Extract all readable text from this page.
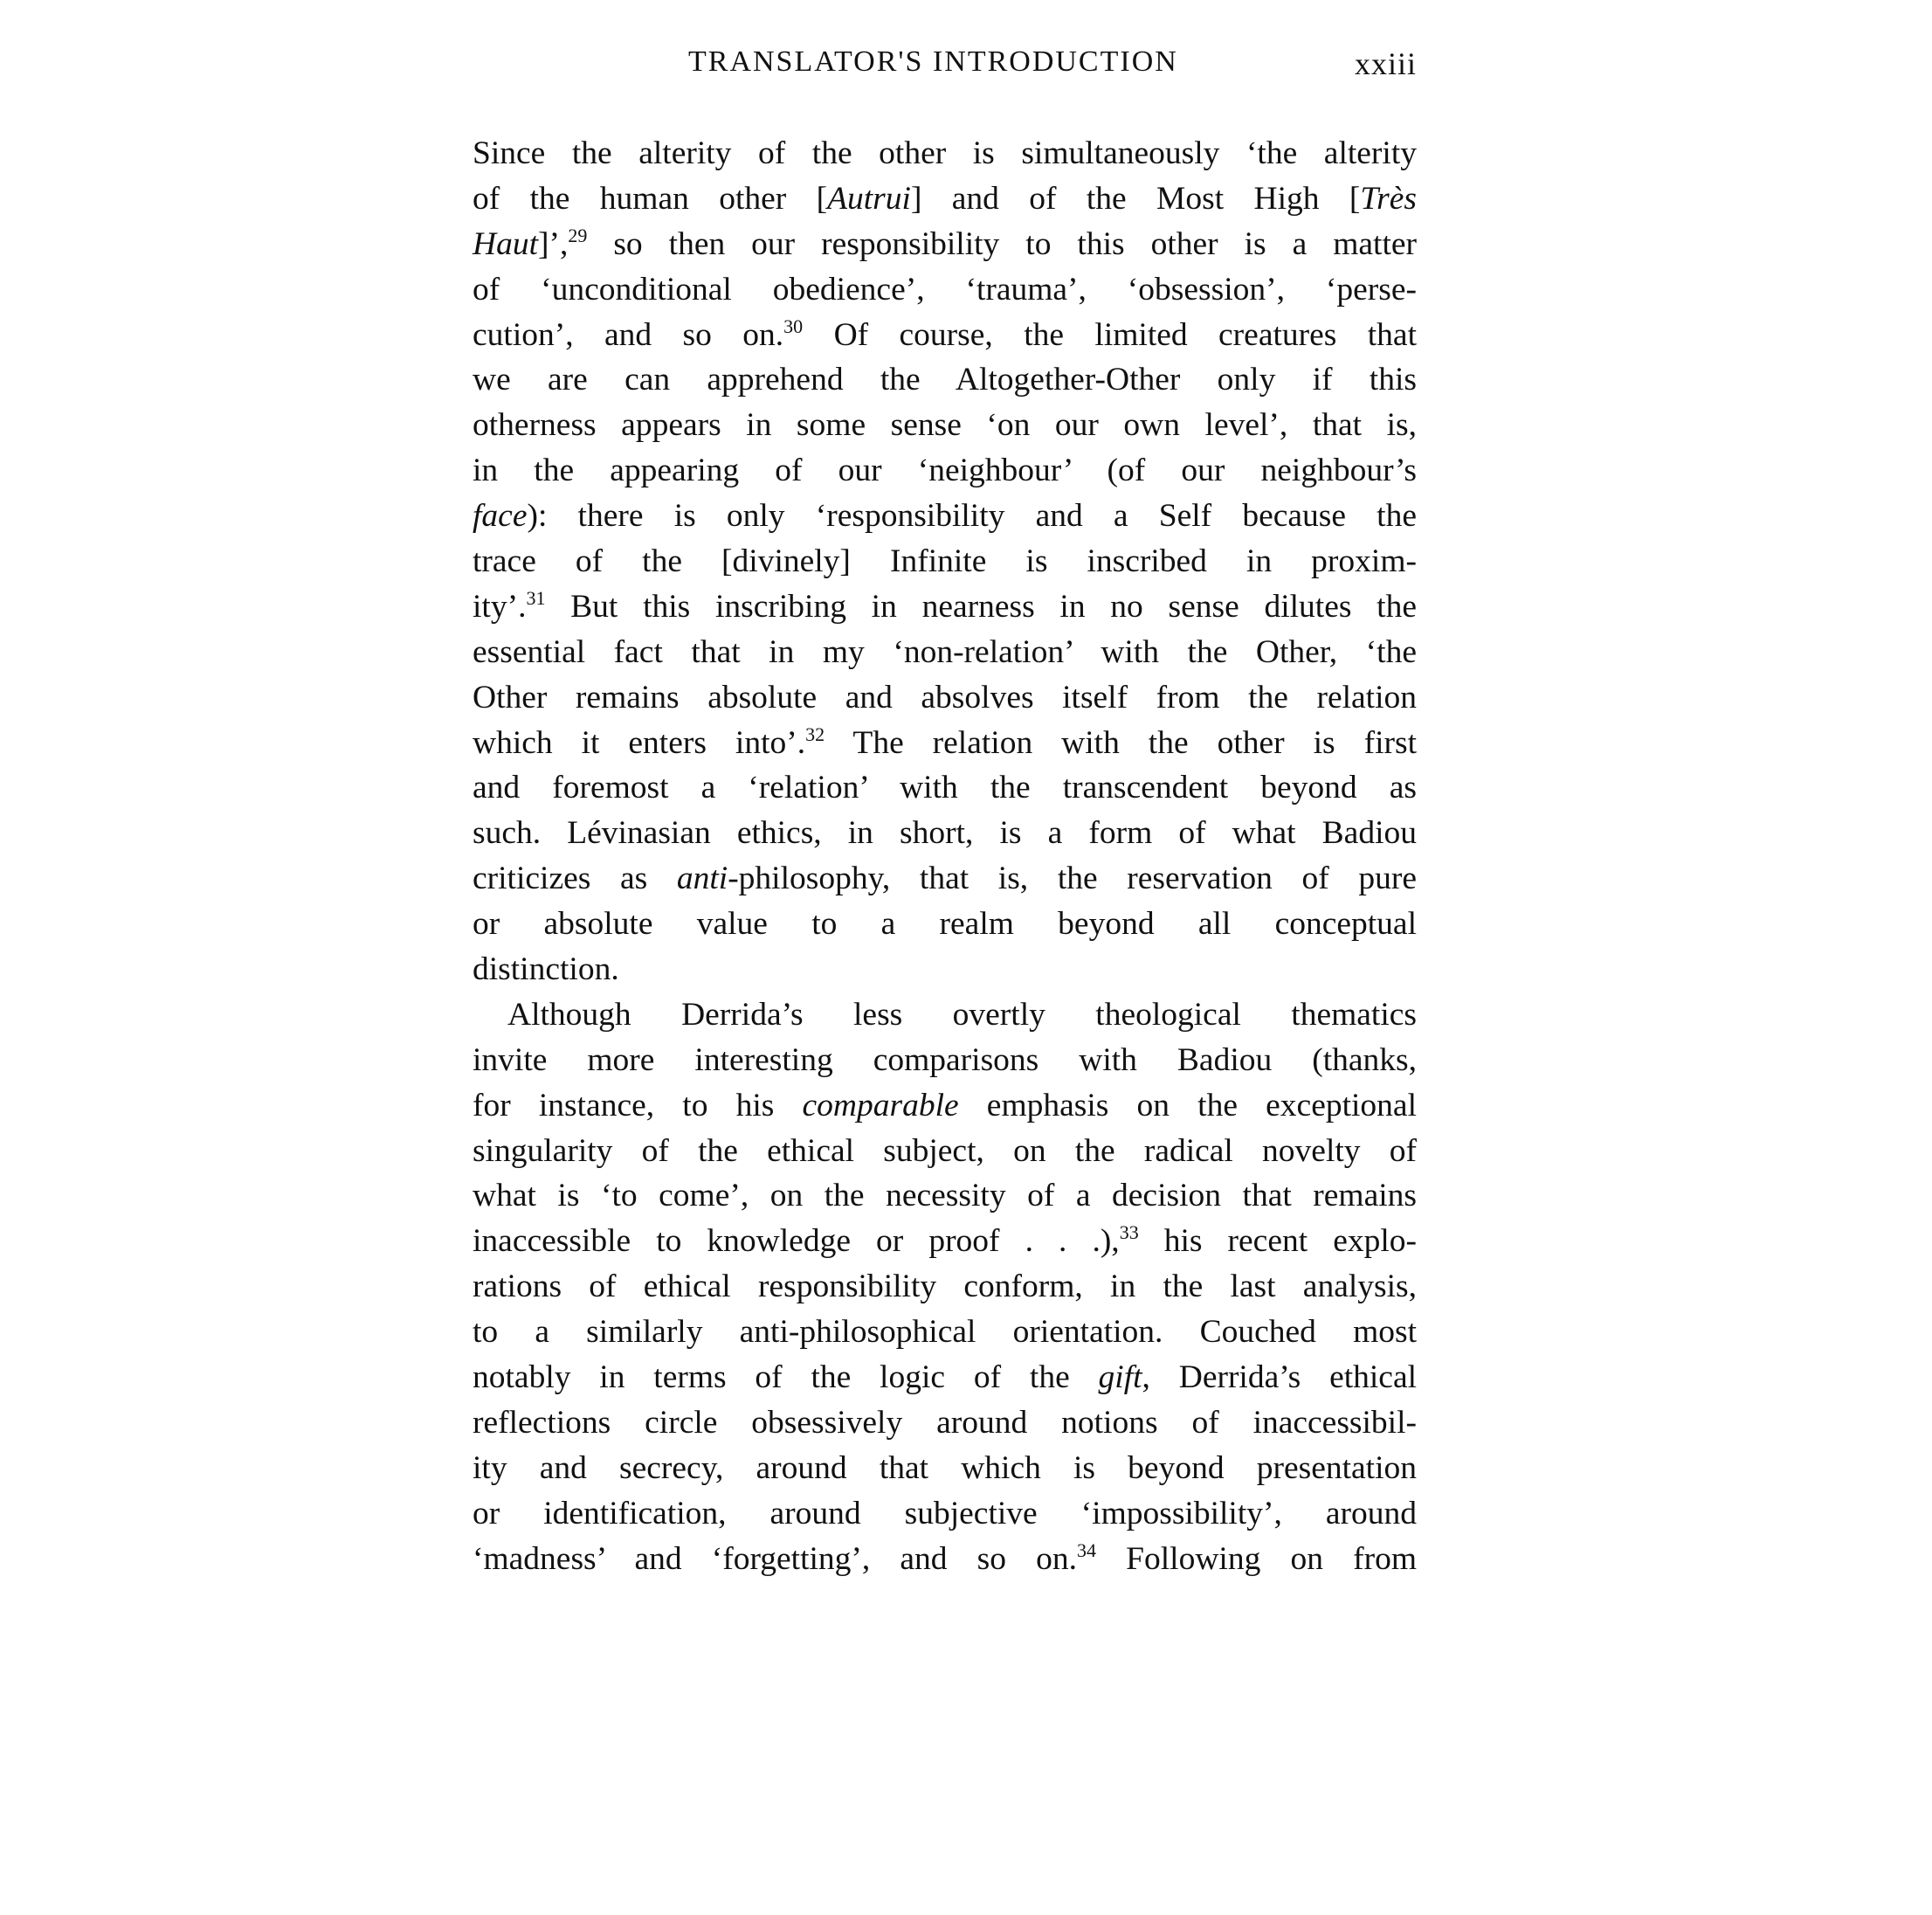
TRANSLATOR'S INTRODUCTION	xxiii
Since the alterity of the other is simultaneously ‘the alterity
of the human other [Autrui] and of the Most High [Très
Haut]’,$^{29}$ so then our responsibility to this other is a matter
of ‘unconditional obedience’, ‘trauma’, ‘obsession’, ‘perse-
cution’, and so on.$^{30}$ Of course, the limited creatures that
we are can apprehend the Altogether-Other only if this
otherness appears in some sense ‘on our own level’, that is,
in the appearing of our ‘neighbour’ (of our neighbour’s
face): there is only ‘responsibility and a Self because the
trace of the [divinely] Infinite is inscribed in proxim-
ity’.$^{31}$ But this inscribing in nearness in no sense dilutes the
essential fact that in my ‘non-relation’ with the Other, ‘the
Other remains absolute and absolves itself from the relation
which it enters into’.$^{32}$ The relation with the other is first
and foremost a ‘relation’ with the transcendent beyond as
such. Lévinasian ethics, in short, is a form of what Badiou
criticizes as anti-philosophy, that is, the reservation of pure
or absolute value to a realm beyond all conceptual
distinction.
Although Derrida’s less overtly theological thematics
invite more interesting comparisons with Badiou (thanks,
for instance, to his comparable emphasis on the exceptional
singularity of the ethical subject, on the radical novelty of
what is ‘to come’, on the necessity of a decision that remains
inaccessible to knowledge or proof . . .),$^{33}$ his recent explo-
rations of ethical responsibility conform, in the last analysis,
to a similarly anti-philosophical orientation. Couched most
notably in terms of the logic of the gift, Derrida’s ethical
reflections circle obsessively around notions of inaccessibil-
ity and secrecy, around that which is beyond presentation
or identification, around subjective ‘impossibility’, around
‘madness’ and ‘forgetting’, and so on.$^{34}$ Following on from
